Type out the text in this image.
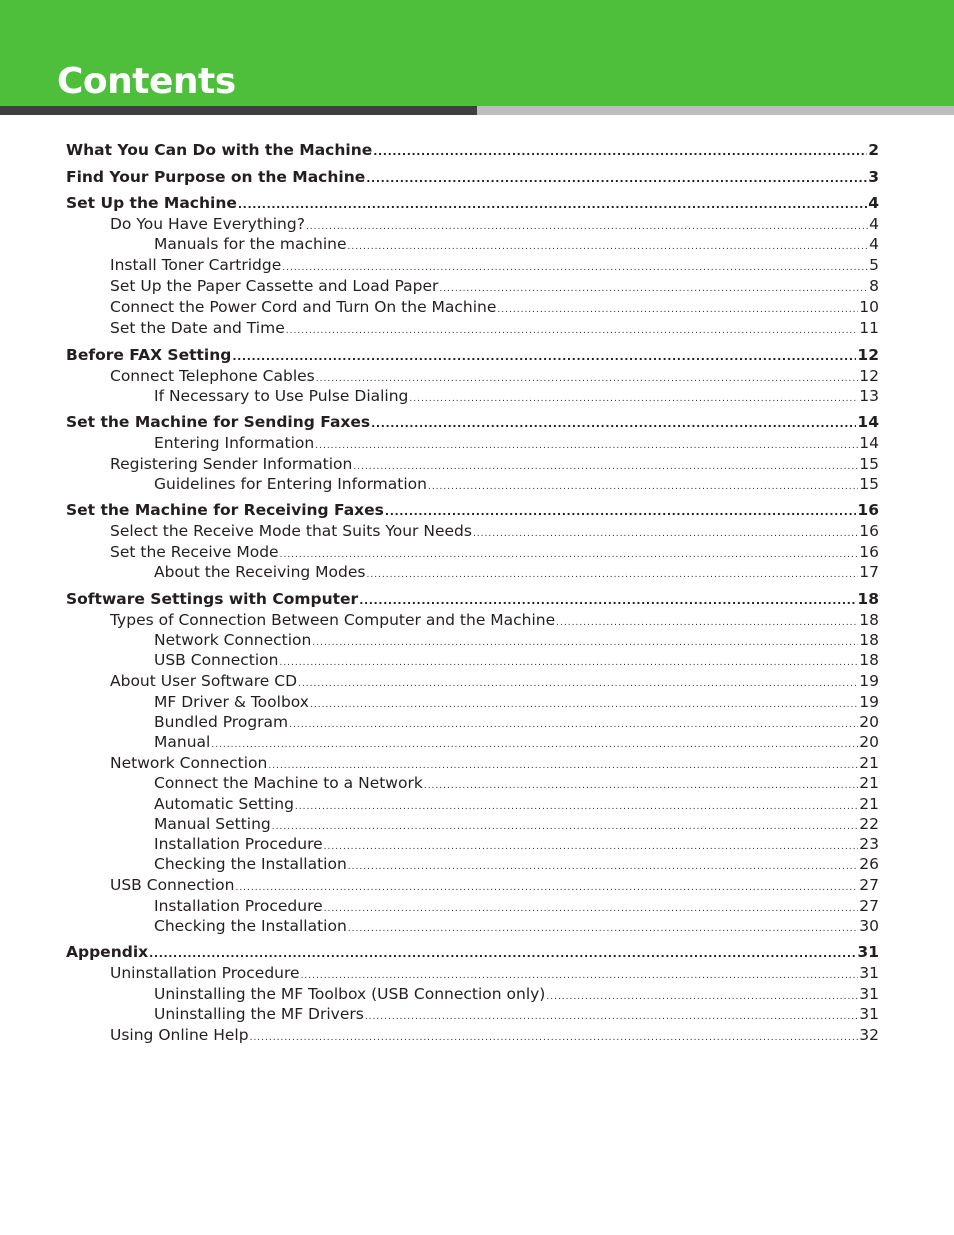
Contents
What You Can Do with the Machine .....	2
Find Your Purpose on the Machine .....	3
Set Up the Machine .....	4
Do You Have Everything? .....	4
Manuals for the machine .....	4
Install Toner Cartridge .....	5
Set Up the Paper Cassette and Load Paper .....	8
Connect the Power Cord and Turn On the Machine .....	10
Set the Date and Time .....	11
Before FAX Setting .....	12
Connect Telephone Cables .....	12
If Necessary to Use Pulse Dialing .....	13
Set the Machine for Sending Faxes .....	14
Entering Information .....	14
Registering Sender Information .....	15
Guidelines for Entering Information .....	15
Set the Machine for Receiving Faxes .....	16
Select the Receive Mode that Suits Your Needs .....	16
Set the Receive Mode .....	16
About the Receiving Modes .....	17
Software Settings with Computer .....	18
Types of Connection Between Computer and the Machine .....	18
Network Connection .....	18
USB Connection .....	18
About User Software CD .....	19
MF Driver & Toolbox .....	19
Bundled Program .....	20
Manual .....	20
Network Connection .....	21
Connect the Machine to a Network .....	21
Automatic Setting .....	21
Manual Setting .....	22
Installation Procedure .....	23
Checking the Installation .....	26
USB Connection .....	27
Installation Procedure .....	27
Checking the Installation .....	30
Appendix .....	31
Uninstallation Procedure .....	31
Uninstalling the MF Toolbox (USB Connection only) .....	31
Uninstalling the MF Drivers .....	31
Using Online Help .....	32
